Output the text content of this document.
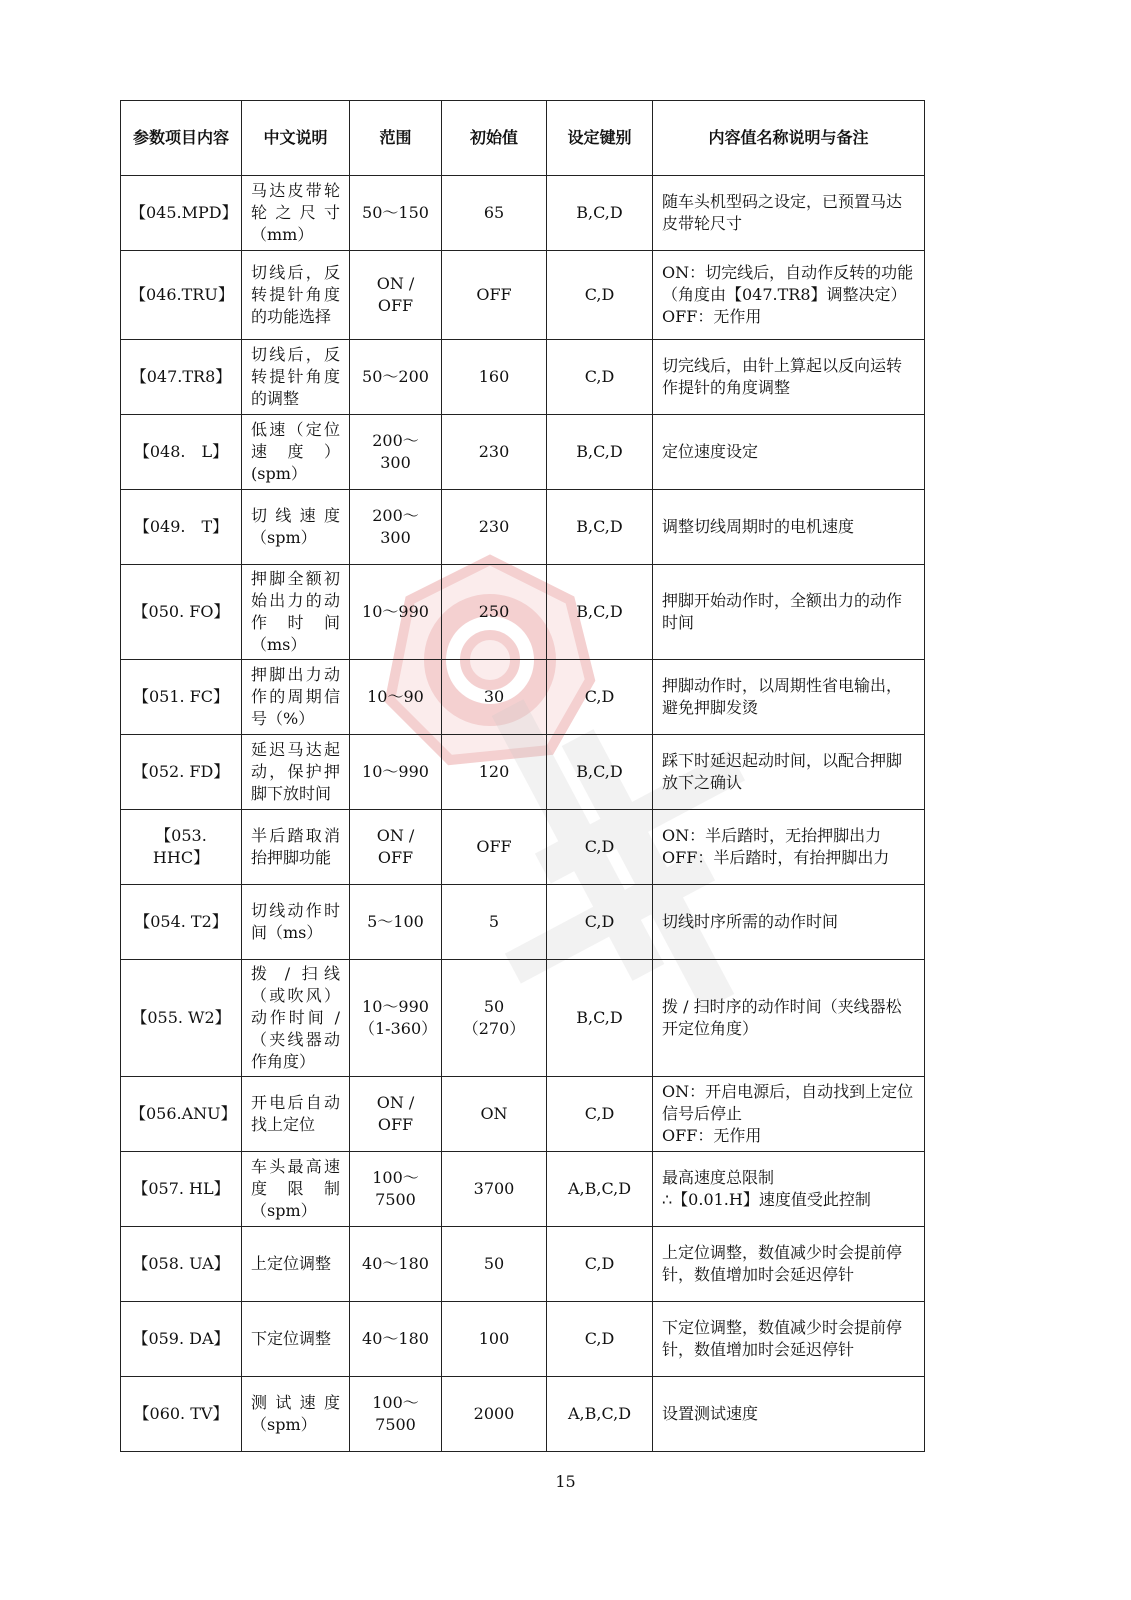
参数项目内容	中文说明	范围	初始值	设定键别	内容值名称说明与备注
【045.MPD】	马达皮带轮轮之尺寸（mm）	50～150	65	B,C,D	随车头机型码之设定，已预置马达皮带轮尺寸

【046.TRU】	切线后，反转提针角度的功能选择	ON / OFF	OFF	C,D	ON：切完线后，自动作反转的功能（角度由【047.TR8】调整决定）
OFF：无作用

【047.TR8】	切线后，反转提针角度的调整	50～200	160	C,D	切完线后，由针上算起以反向运转作提针的角度调整

【048.　L】	低速（定位速度）(spm）	200～300	230	B,C,D	定位速度设定

【049.　T】	切线速度（spm）	200～300	230	B,C,D	调整切线周期时的电机速度

【050. FO】	押脚全额初始出力的动作时间（ms）	10～990	250	B,C,D	押脚开始动作时，全额出力的动作时间

【051. FC】	押脚出力动作的周期信号（%）	10～90	30	C,D	押脚动作时，以周期性省电输出，避免押脚发烫

【052. FD】	延迟马达起动，保护押脚下放时间	10～990	120	B,C,D	踩下时延迟起动时间，以配合押脚放下之确认

【053. HHC】	半后踏取消抬押脚功能	ON / OFF	OFF	C,D	ON：半后踏时，无抬押脚出力
OFF：半后踏时，有抬押脚出力

【054. T2】	切线动作时间（ms）	5～100	5	C,D	切线时序所需的动作时间

【055. W2】	拨 / 扫线（或吹风）动作时间 /（夹线器动作角度）	10～990
（1-360）	50
（270）	B,C,D	拨 / 扫时序的动作时间（夹线器松开定位角度）

【056.ANU】	开电后自动找上定位	ON / OFF	ON	C,D	ON：开启电源后，自动找到上定位信号后停止
OFF：无作用

【057. HL】	车头最高速度限制（spm）	100～
7500	3700	A,B,C,D	最高速度总限制
∴【0.01.H】速度值受此控制

【058. UA】	上定位调整	40～180	50	C,D	上定位调整，数值减少时会提前停针，数值增加时会延迟停针

【059. DA】	下定位调整	40～180	100	C,D	下定位调整，数值减少时会提前停针，数值增加时会延迟停针

【060. TV】	测试速度（spm）	100～
7500	2000	A,B,C,D	设置测试速度
15
